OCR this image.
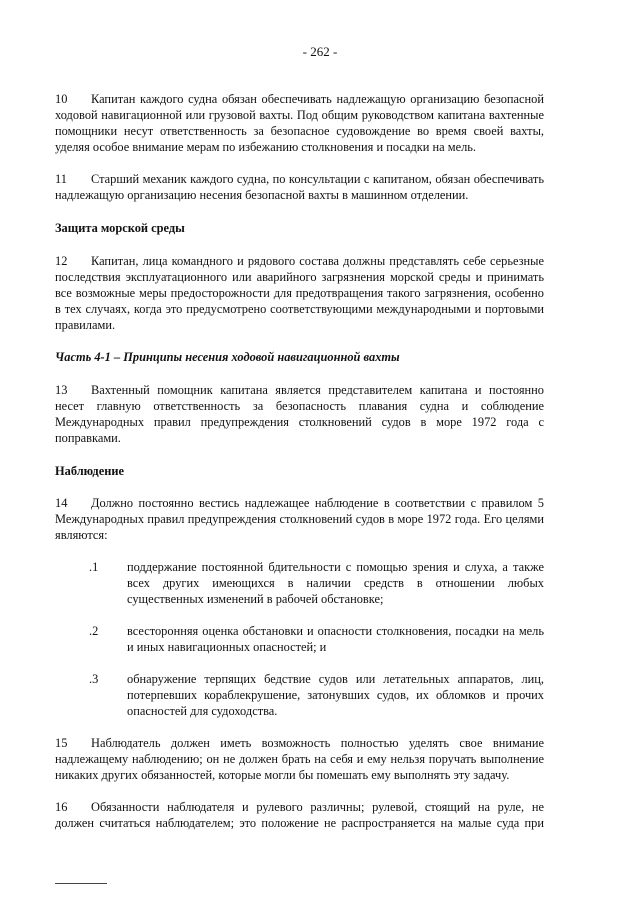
- 262 -

10 Капитан каждого судна обязан обеспечивать надлежащую организацию безопасной ходовой навигационной или грузовой вахты. Под общим руководством капитана вахтенные помощники несут ответственность за безопасное судовождение во время своей вахты, уделяя особое внимание мерам по избежанию столкновения и посадки на мель.

11 Старший механик каждого судна, по консультации с капитаном, обязан обеспечивать надлежащую организацию несения безопасной вахты в машинном отделении.

Защита морской среды

12 Капитан, лица командного и рядового состава должны представлять себе серьезные последствия эксплуатационного или аварийного загрязнения морской среды и принимать все возможные меры предосторожности для предотвращения такого загрязнения, особенно в тех случаях, когда это предусмотрено соответствующими международными и портовыми правилами.

Часть 4-1 – Принципы несения ходовой навигационной вахты

13 Вахтенный помощник капитана является представителем капитана и постоянно несет главную ответственность за безопасность плавания судна и соблюдение Международных правил предупреждения столкновений судов в море 1972 года с поправками.

Наблюдение

14 Должно постоянно вестись надлежащее наблюдение в соответствии с правилом 5 Международных правил предупреждения столкновений судов в море 1972 года. Его целями являются:

.1 поддержание постоянной бдительности с помощью зрения и слуха, а также всех других имеющихся в наличии средств в отношении любых существенных изменений в рабочей обстановке;
.2 всесторонняя оценка обстановки и опасности столкновения, посадки на мель и иных навигационных опасностей; и
.3 обнаружение терпящих бедствие судов или летательных аппаратов, лиц, потерпевших кораблекрушение, затонувших судов, их обломков и прочих опасностей для судоходства.

15 Наблюдатель должен иметь возможность полностью уделять свое внимание надлежащему наблюдению; он не должен брать на себя и ему нельзя поручать выполнение никаких других обязанностей, которые могли бы помешать ему выполнять эту задачу.

16 Обязанности наблюдателя и рулевого различны; рулевой, стоящий на руле, не должен считаться наблюдателем; это положение не распространяется на малые суда при
